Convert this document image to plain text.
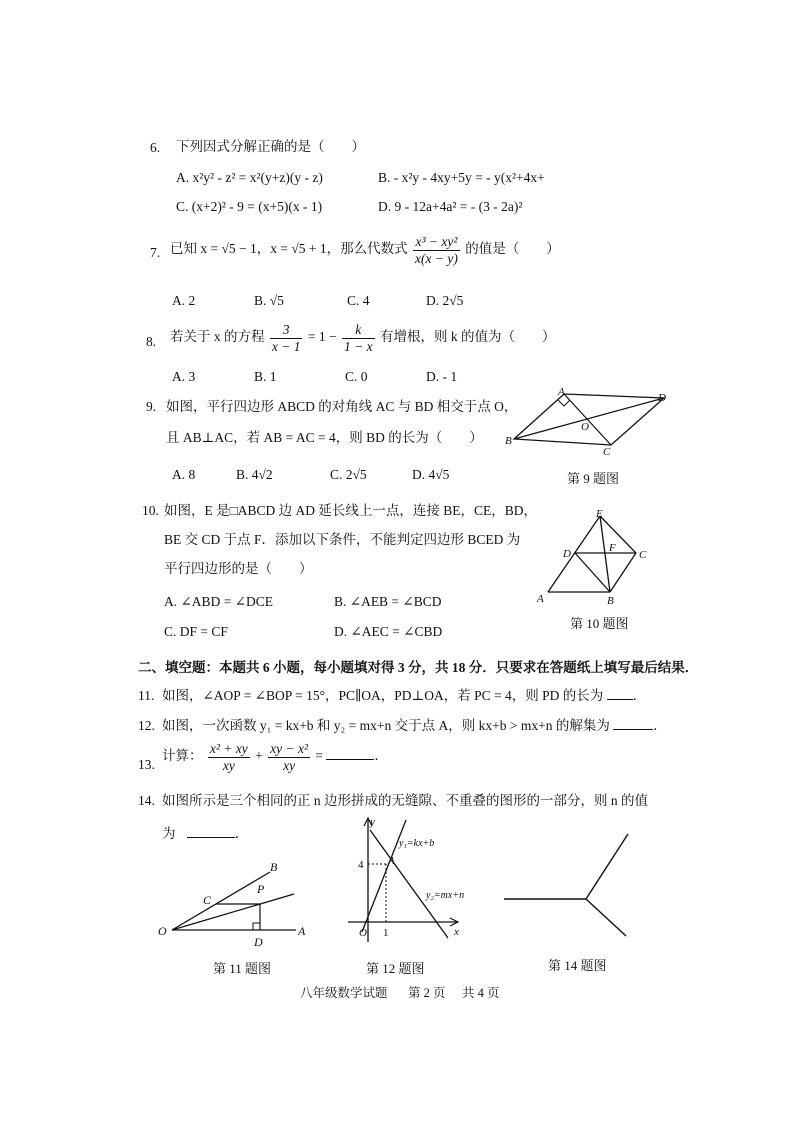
6. 下列因式分解正确的是（　　）
A. x²y² - z² = x²(y+z)(y - z)	B. - x²y - 4xy+5y = - y(x²+4x+
C. (x+2)² - 9 = (x+5)(x - 1)	D. 9 - 12a+4a² = - (3 - 2a)²
7. 已知 x = √5 − 1，x = √5 + 1，那么代数式 $\frac{\text{x³ − xy²}}{x(x - y)}$ 的值是（　　）
A. 2	B. √5	C. 4	D. 2√5
8. 若关于 x 的方程 $\frac{3}{x - 1} = 1 - \frac{k}{1 - x}$ 有增根，则 k 的值为（　　）
A. 3	B. 1	C. 0	D. - 1
9. 如图，平行四边形 ABCD 的对角线 AC 与 BD 相交于点 O，
且 AB⊥AC，若 AB = AC = 4，则 BD 的长为（　　）
A. 8	B. 4√2	C. 2√5	D. 4√5
A
B
C
D
O
第 9 题图
10. 如图，E 是□ABCD 边 AD 延长线上一点，连接 BE，CE，BD，
BE 交 CD 于点 F．添加以下条件，不能判定四边形 BCED 为
平行四边形的是（　　）
A. ∠ABD = ∠DCE	B. ∠AEB = ∠BCD
C. DF = CF	D. ∠AEC = ∠CBD
E
D	F
C
A	B
第 10 题图
二、填空题：本题共 6 小题，每小题填对得 3 分，共 18 分．只要求在答题纸上填写最后结果．
11. 如图，∠AOP = ∠BOP = 15°，PC∥OA，PD⊥OA，若 PC = 4，则 PD 的长为 ．
12. 如图，一次函数 y₁ = kx+b 和 y₂ = mx+n 交于点 A，则 kx+b > mx+n 的解集为	．
13.
计算： $\frac{\text{x² + xy}}{xy} + \frac{\text{xy − x²}}{xy}$ =	．
14. 如图所示是三个相同的正 n 边形拼成的无缝隙、不重叠的图形的一部分，则 n 的值
为	．
O	A
B
C
P
D
第 11 题图
y
x
O 1
4 A
y₁=kx+b
y₂=mx+n
第 12 题图	第 14 题图
八年级数学试题 第 2 页 共 4 页
